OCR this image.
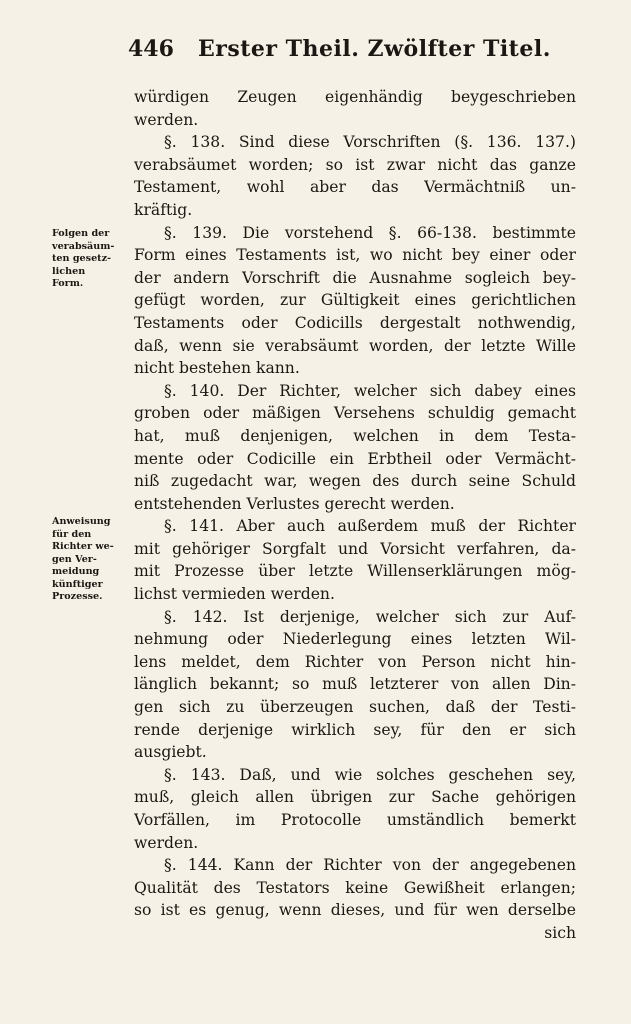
446 Erster Theil. Zwölfter Titel.
Folgen der
verabsäum-
ten gesetz-
lichen
Form.
Anweisung
für den
Richter we-
gen Ver-
meidung
künftiger
Prozesse.
würdigen Zeugen eigenhändig beygeschrieben
werden.
§. 138. Sind diese Vorschriften (§. 136. 137.)
verabsäumet worden; so ist zwar nicht das ganze
Testament, wohl aber das Vermächtniß un-
kräftig.
§. 139. Die vorstehend §. 66-138. bestimmte
Form eines Testaments ist, wo nicht bey einer oder
der andern Vorschrift die Ausnahme sogleich bey-
gefügt worden, zur Gültigkeit eines gerichtlichen
Testaments oder Codicills dergestalt nothwendig,
daß, wenn sie verabsäumt worden, der letzte Wille
nicht bestehen kann.
§. 140. Der Richter, welcher sich dabey eines
groben oder mäßigen Versehens schuldig gemacht
hat, muß denjenigen, welchen in dem Testa-
mente oder Codicille ein Erbtheil oder Vermächt-
niß zugedacht war, wegen des durch seine Schuld
entstehenden Verlustes gerecht werden.
§. 141. Aber auch außerdem muß der Richter
mit gehöriger Sorgfalt und Vorsicht verfahren, da-
mit Prozesse über letzte Willenserklärungen mög-
lichst vermieden werden.
§. 142. Ist derjenige, welcher sich zur Auf-
nehmung oder Niederlegung eines letzten Wil-
lens meldet, dem Richter von Person nicht hin-
länglich bekannt; so muß letzterer von allen Din-
gen sich zu überzeugen suchen, daß der Testi-
rende derjenige wirklich sey, für den er sich
ausgiebt.
§. 143. Daß, und wie solches geschehen sey,
muß, gleich allen übrigen zur Sache gehörigen
Vorfällen, im Protocolle umständlich bemerkt
werden.
§. 144. Kann der Richter von der angegebenen
Qualität des Testators keine Gewißheit erlangen;
so ist es genug, wenn dieses, und für wen derselbe
sich
